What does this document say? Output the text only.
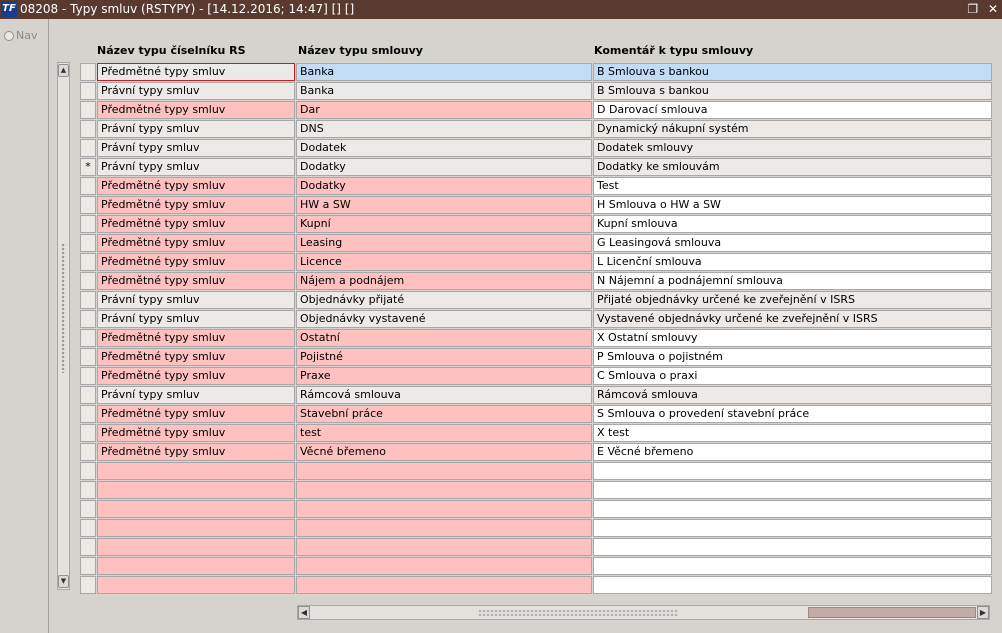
TF 08208 - Typy smluv (RSTYPY) - [14.12.2016; 14:47] [] []	❐ ✕
Nav
Název typu číselníku RS	Název typu smlouvy	Komentář k typu smlouvy
▲
▼
Předmětné typy smluv	Banka	B Smlouva s bankou
Právní typy smluv	Banka	B Smlouva s bankou
Předmětné typy smluv	Dar	D Darovací smlouva
Právní typy smluv	DNS	Dynamický nákupní systém
Právní typy smluv	Dodatek	Dodatek smlouvy
* Právní typy smluv	Dodatky	Dodatky ke smlouvám
Předmětné typy smluv	Dodatky	Test
Předmětné typy smluv	HW a SW	H Smlouva o HW a SW
Předmětné typy smluv	Kupní	Kupní smlouva
Předmětné typy smluv	Leasing	G Leasingová smlouva
Předmětné typy smluv	Licence	L Licenční smlouva
Předmětné typy smluv	Nájem a podnájem	N Nájemní a podnájemní smlouva
Právní typy smluv	Objednávky přijaté	Přijaté objednávky určené ke zveřejnění v ISRS
Právní typy smluv	Objednávky vystavené	Vystavené objednávky určené ke zveřejnění v ISRS
Předmětné typy smluv	Ostatní	X Ostatní smlouvy
Předmětné typy smluv	Pojistné	P Smlouva o pojistném
Předmětné typy smluv	Praxe	C Smlouva o praxi
Právní typy smluv	Rámcová smlouva	Rámcová smlouva
Předmětné typy smluv	Stavební práce	S Smlouva o provedení stavební práce
Předmětné typy smluv	test	X test
Předmětné typy smluv	Věcné břemeno	E Věcné břemeno
◀	▶
